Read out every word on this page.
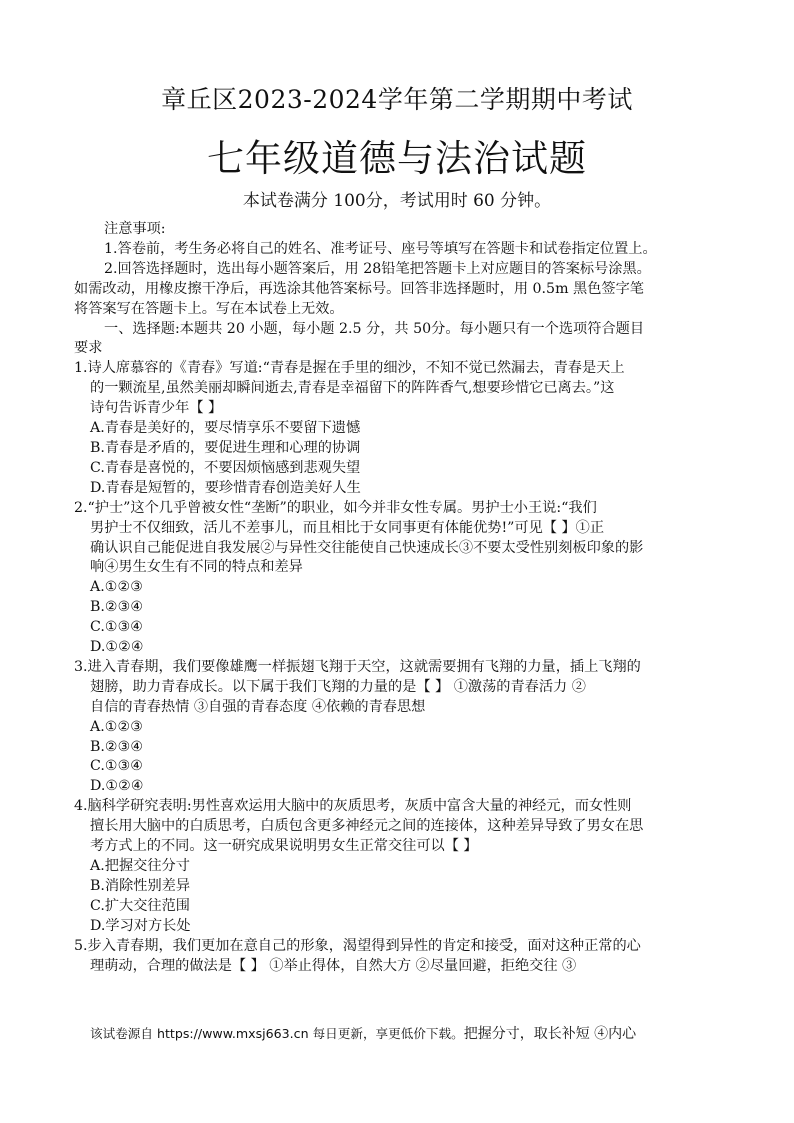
章丘区2023-2024学年第二学期期中考试
七年级道德与法治试题
本试卷满分 100分，考试用时 60 分钟。
注意事项:
1.答卷前，考生务必将自己的姓名、准考证号、座号等填写在答题卡和试卷指定位置上。
2.回答选择题时，选出每小题答案后，用 28铅笔把答题卡上对应题目的答案标号涂黑。
如需改动，用橡皮擦干净后，再选涂其他答案标号。回答非选择题时，用 0.5m 黑色签字笔
将答案写在答题卡上。写在本试卷上无效。
一、选择题:本题共 20 小题，每小题 2.5 分，共 50分。每小题只有一个选项符合题目
要求
1.诗人席慕容的《青春》写道:“青春是握在手里的细沙，不知不觉已然漏去，青春是天上
的一颗流星,虽然美丽却瞬间逝去,青春是幸福留下的阵阵香气,想要珍惜它已离去。”这
诗句告诉青少年【 】
A.青春是美好的，要尽情享乐不要留下遗憾
B.青春是矛盾的，要促进生理和心理的协调
C.青春是喜悦的，不要因烦恼感到悲观失望
D.青春是短暂的，要珍惜青春创造美好人生
2.“护士”这个几乎曾被女性“垄断”的职业，如今并非女性专属。男护士小王说:“我们
男护士不仅细致，活儿不差事儿，而且相比于女同事更有体能优势!”可见【 】①正
确认识自己能促进自我发展②与异性交往能使自己快速成长③不要太受性别刻板印象的影
响④男生女生有不同的特点和差异
A.①②③
B.②③④
C.①③④
D.①②④
3.进入青春期，我们要像雄鹰一样振翅飞翔于天空，这就需要拥有飞翔的力量，插上飞翔的
翅膀，助力青春成长。以下属于我们飞翔的力量的是【 】 ①激荡的青春活力 ②
自信的青春热情 ③自强的青春态度 ④依赖的青春思想
A.①②③
B.②③④
C.①③④
D.①②④
4.脑科学研究表明:男性喜欢运用大脑中的灰质思考，灰质中富含大量的神经元，而女性则
擅长用大脑中的白质思考，白质包含更多神经元之间的连接体，这种差异导致了男女在思
考方式上的不同。这一研究成果说明男女生正常交往可以【 】
A.把握交往分寸
B.消除性别差异
C.扩大交往范围
D.学习对方长处
5.步入青春期，我们更加在意自己的形象，渴望得到异性的肯定和接受，面对这种正常的心
理萌动，合理的做法是【 】 ①举止得体，自然大方 ②尽量回避，拒绝交往 ③
该试卷源自 https://www.mxsj663.cn 每日更新，享更低价下载。把握分寸，取长补短 ④内心
